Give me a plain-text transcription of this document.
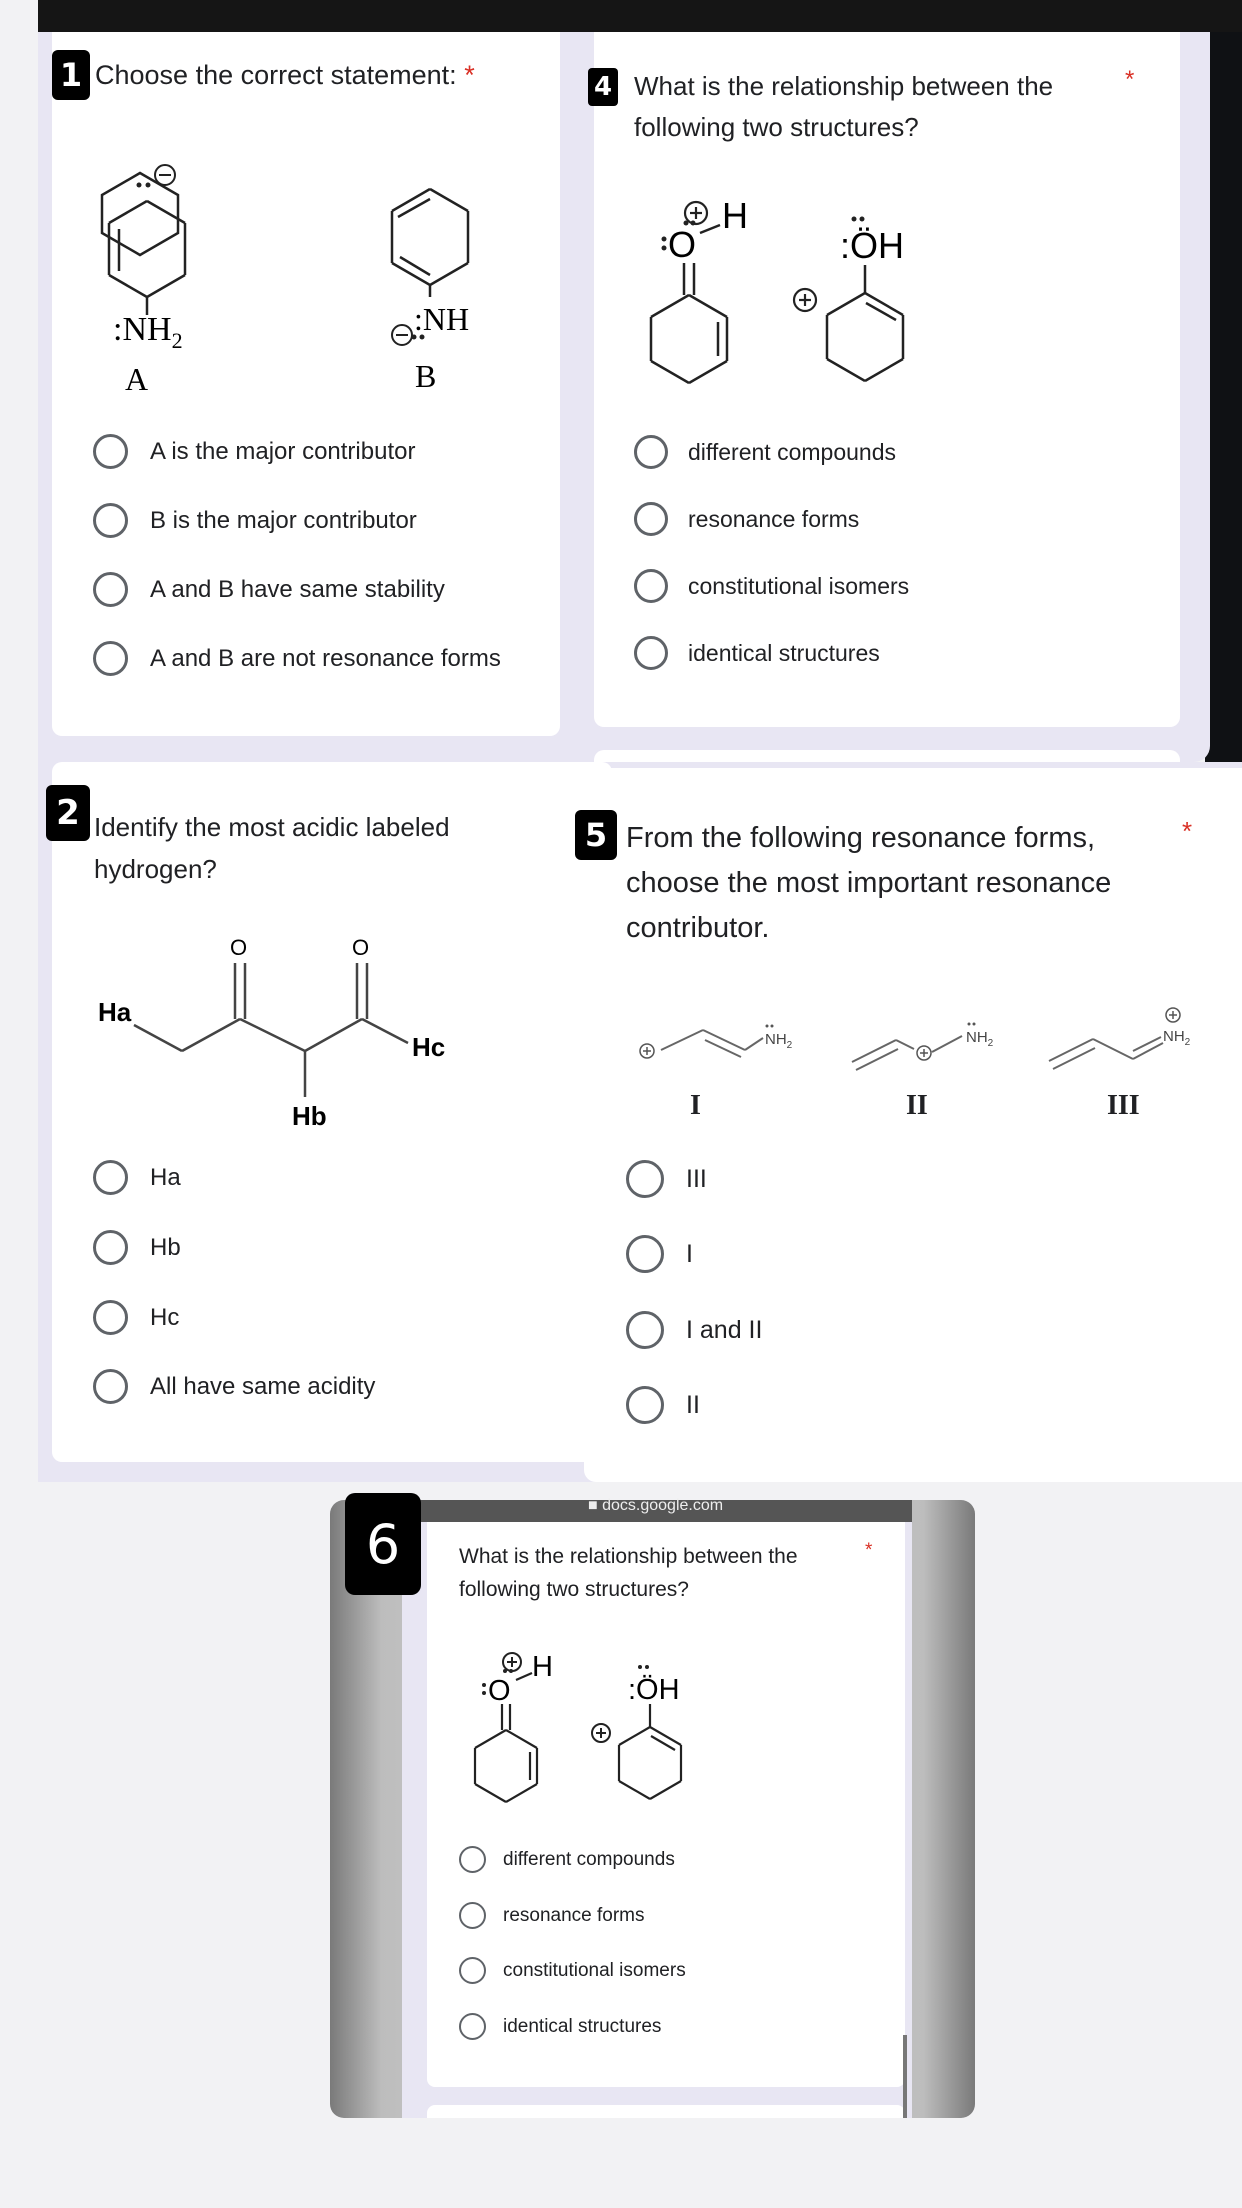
1 Choose the correct statement: *
$:NH_2$
A
:NH
B
A is the major contributor
B is the major contributor
A and B have same stability
A and B are not resonance forms
4 What is the relationship between the
following two structures?
*
H
O	:ÖH
different compounds
resonance forms
constitutional isomers
identical structures
2 Identify the most acidic labeled
hydrogen?
O	O
Ha
Hc
Hb
Ha
Hb
Hc
All have same acidity
5 From the following resonance forms,
choose the most important resonance
contributor.
*
$NH_2$	$NH_2$	$NH_2$
I	II	III
III
I
I and II
II
■ docs.google.com
6	What is the relationship between the
following two structures?
*
H
O	:ÖH
different compounds
resonance forms
constitutional isomers
identical structures
